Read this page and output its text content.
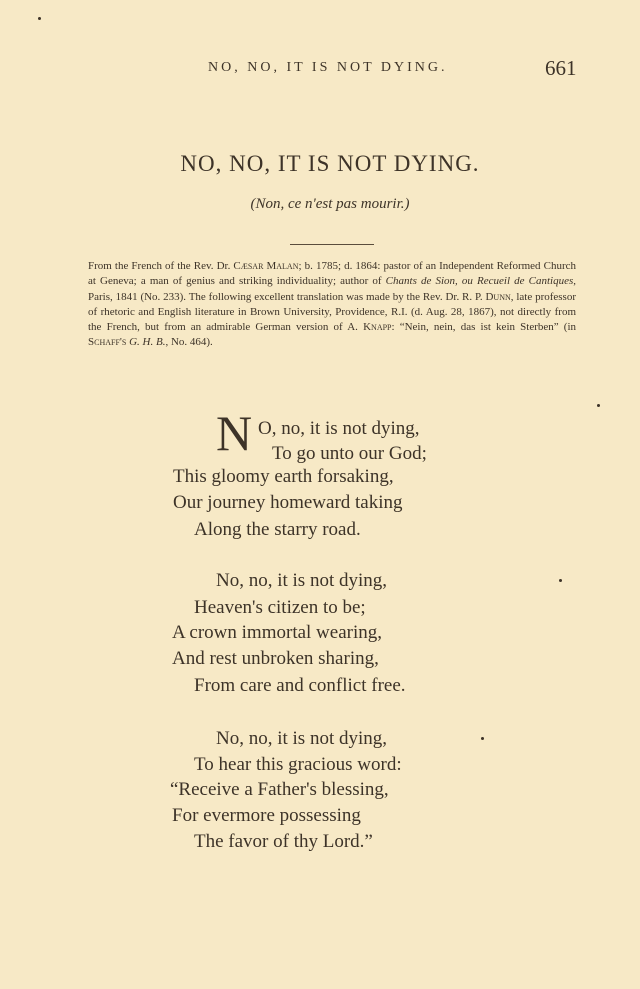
NO, NO, IT IS NOT DYING.	661
NO, NO, IT IS NOT DYING.
(Non, ce n'est pas mourir.)
From the French of the Rev. Dr. Cæsar Malan; b. 1785; d. 1864: pastor of an Independent Reformed Church at Geneva; a man of genius and striking individuality; author of Chants de Sion, ou Recueil de Cantiques, Paris, 1841 (No. 233). The following excellent translation was made by the Rev. Dr. R. P. Dunn, late professor of rhetoric and English literature in Brown University, Providence, R.I. (d. Aug. 28, 1867), not directly from the French, but from an admirable German version of A. Knapp: “Nein, nein, das ist kein Sterben” (in Schaff's G. H. B., No. 464).
N O, no, it is not dying,
To go unto our God;
This gloomy earth forsaking,
Our journey homeward taking
Along the starry road.
No, no, it is not dying,
Heaven's citizen to be;
A crown immortal wearing,
And rest unbroken sharing,
From care and conflict free.
No, no, it is not dying,
To hear this gracious word:
“Receive a Father's blessing,
For evermore possessing
The favor of thy Lord.”
